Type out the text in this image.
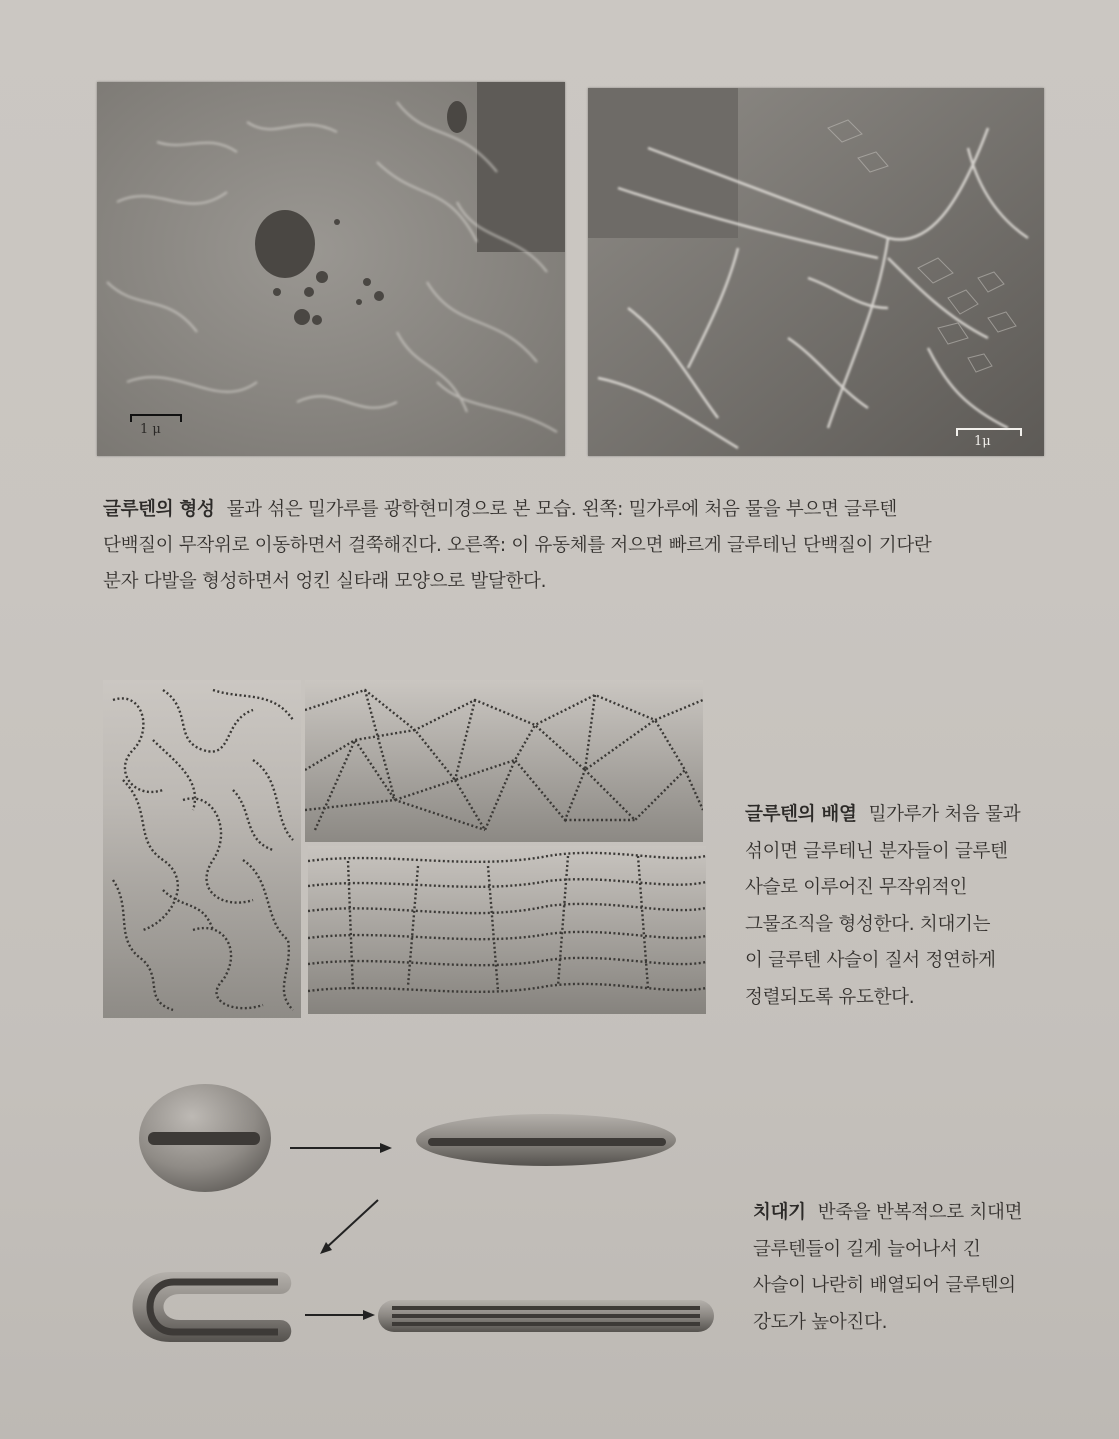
1 μ
1μ
글루텐의 형성 물과 섞은 밀가루를 광학현미경으로 본 모습. 왼쪽: 밀가루에 처음 물을 부으면 글루텐
단백질이 무작위로 이동하면서 걸쭉해진다. 오른쪽: 이 유동체를 저으면 빠르게 글루테닌 단백질이 기다란
분자 다발을 형성하면서 엉킨 실타래 모양으로 발달한다.
글루텐의 배열 밀가루가 처음 물과
섞이면 글루테닌 분자들이 글루텐
사슬로 이루어진 무작위적인
그물조직을 형성한다. 치대기는
이 글루텐 사슬이 질서 정연하게
정렬되도록 유도한다.
치대기 반죽을 반복적으로 치대면
글루텐들이 길게 늘어나서 긴
사슬이 나란히 배열되어 글루텐의
강도가 높아진다.
